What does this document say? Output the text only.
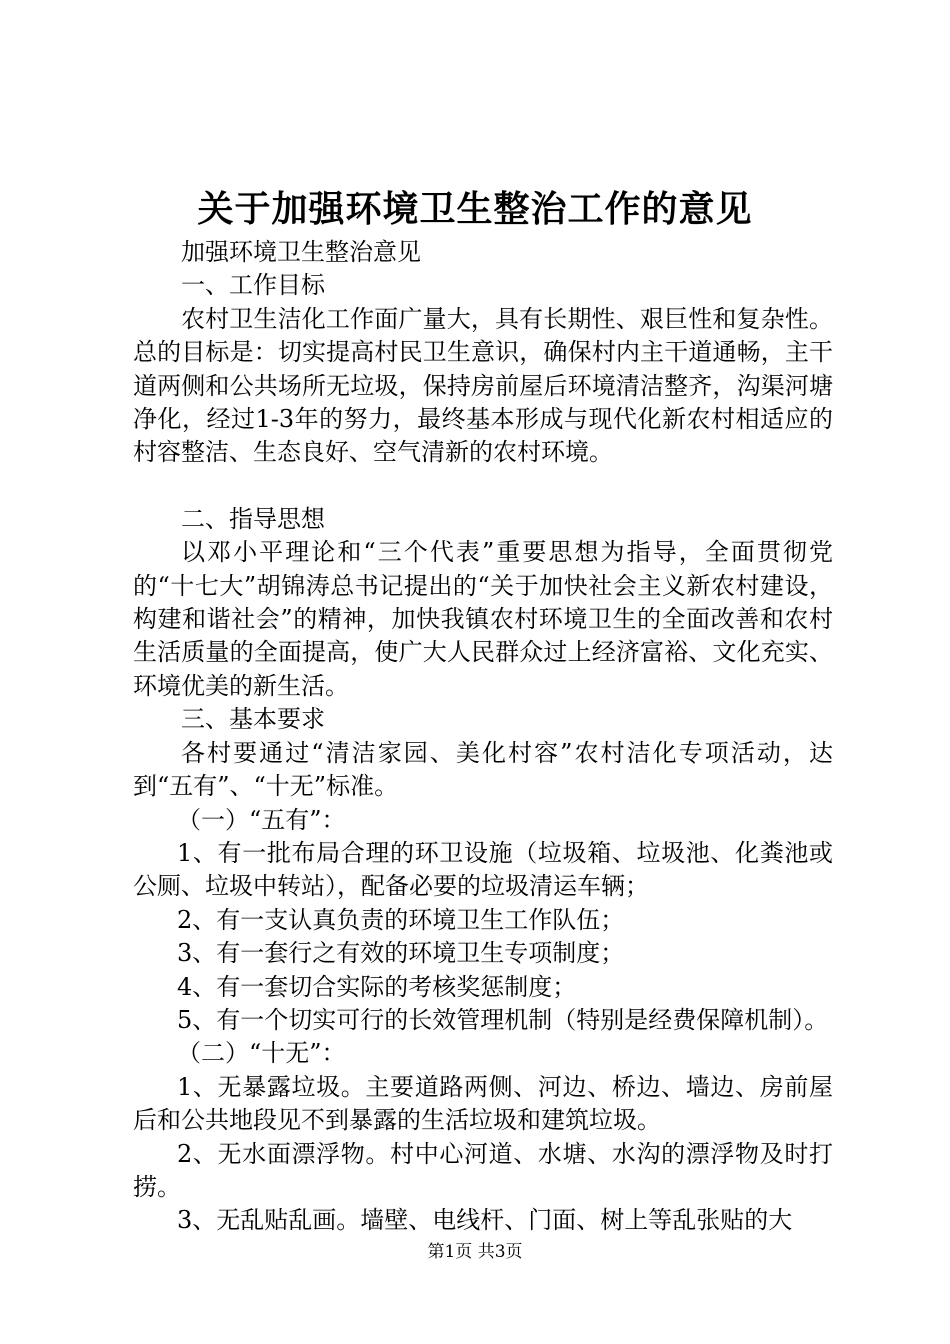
关于加强环境卫生整治工作的意见

加强环境卫生整治意见

一、工作目标

农村卫生洁化工作面广量大，具有长期性、艰巨性和复杂性。总的目标是：切实提高村民卫生意识，确保村内主干道通畅，主干道两侧和公共场所无垃圾，保持房前屋后环境清洁整齐，沟渠河塘净化，经过1-3年的努力，最终基本形成与现代化新农村相适应的村容整洁、生态良好、空气清新的农村环境。

二、指导思想

以邓小平理论和“三个代表”重要思想为指导，全面贯彻党的“十七大”胡锦涛总书记提出的“关于加快社会主义新农村建设，构建和谐社会”的精神，加快我镇农村环境卫生的全面改善和农村生活质量的全面提高，使广大人民群众过上经济富裕、文化充实、环境优美的新生活。

三、基本要求

各村要通过“清洁家园、美化村容”农村洁化专项活动，达到“五有”、“十无”标准。

（一）“五有”：

1、有一批布局合理的环卫设施（垃圾箱、垃圾池、化粪池或公厕、垃圾中转站），配备必要的垃圾清运车辆；

2、有一支认真负责的环境卫生工作队伍；

3、有一套行之有效的环境卫生专项制度；

4、有一套切合实际的考核奖惩制度；

5、有一个切实可行的长效管理机制（特别是经费保障机制）。

（二）“十无”：

1、无暴露垃圾。主要道路两侧、河边、桥边、墙边、房前屋后和公共地段见不到暴露的生活垃圾和建筑垃圾。

2、无水面漂浮物。村中心河道、水塘、水沟的漂浮物及时打捞。

3、无乱贴乱画。墙壁、电线杆、门面、树上等乱张贴的大

第1页 共3页
